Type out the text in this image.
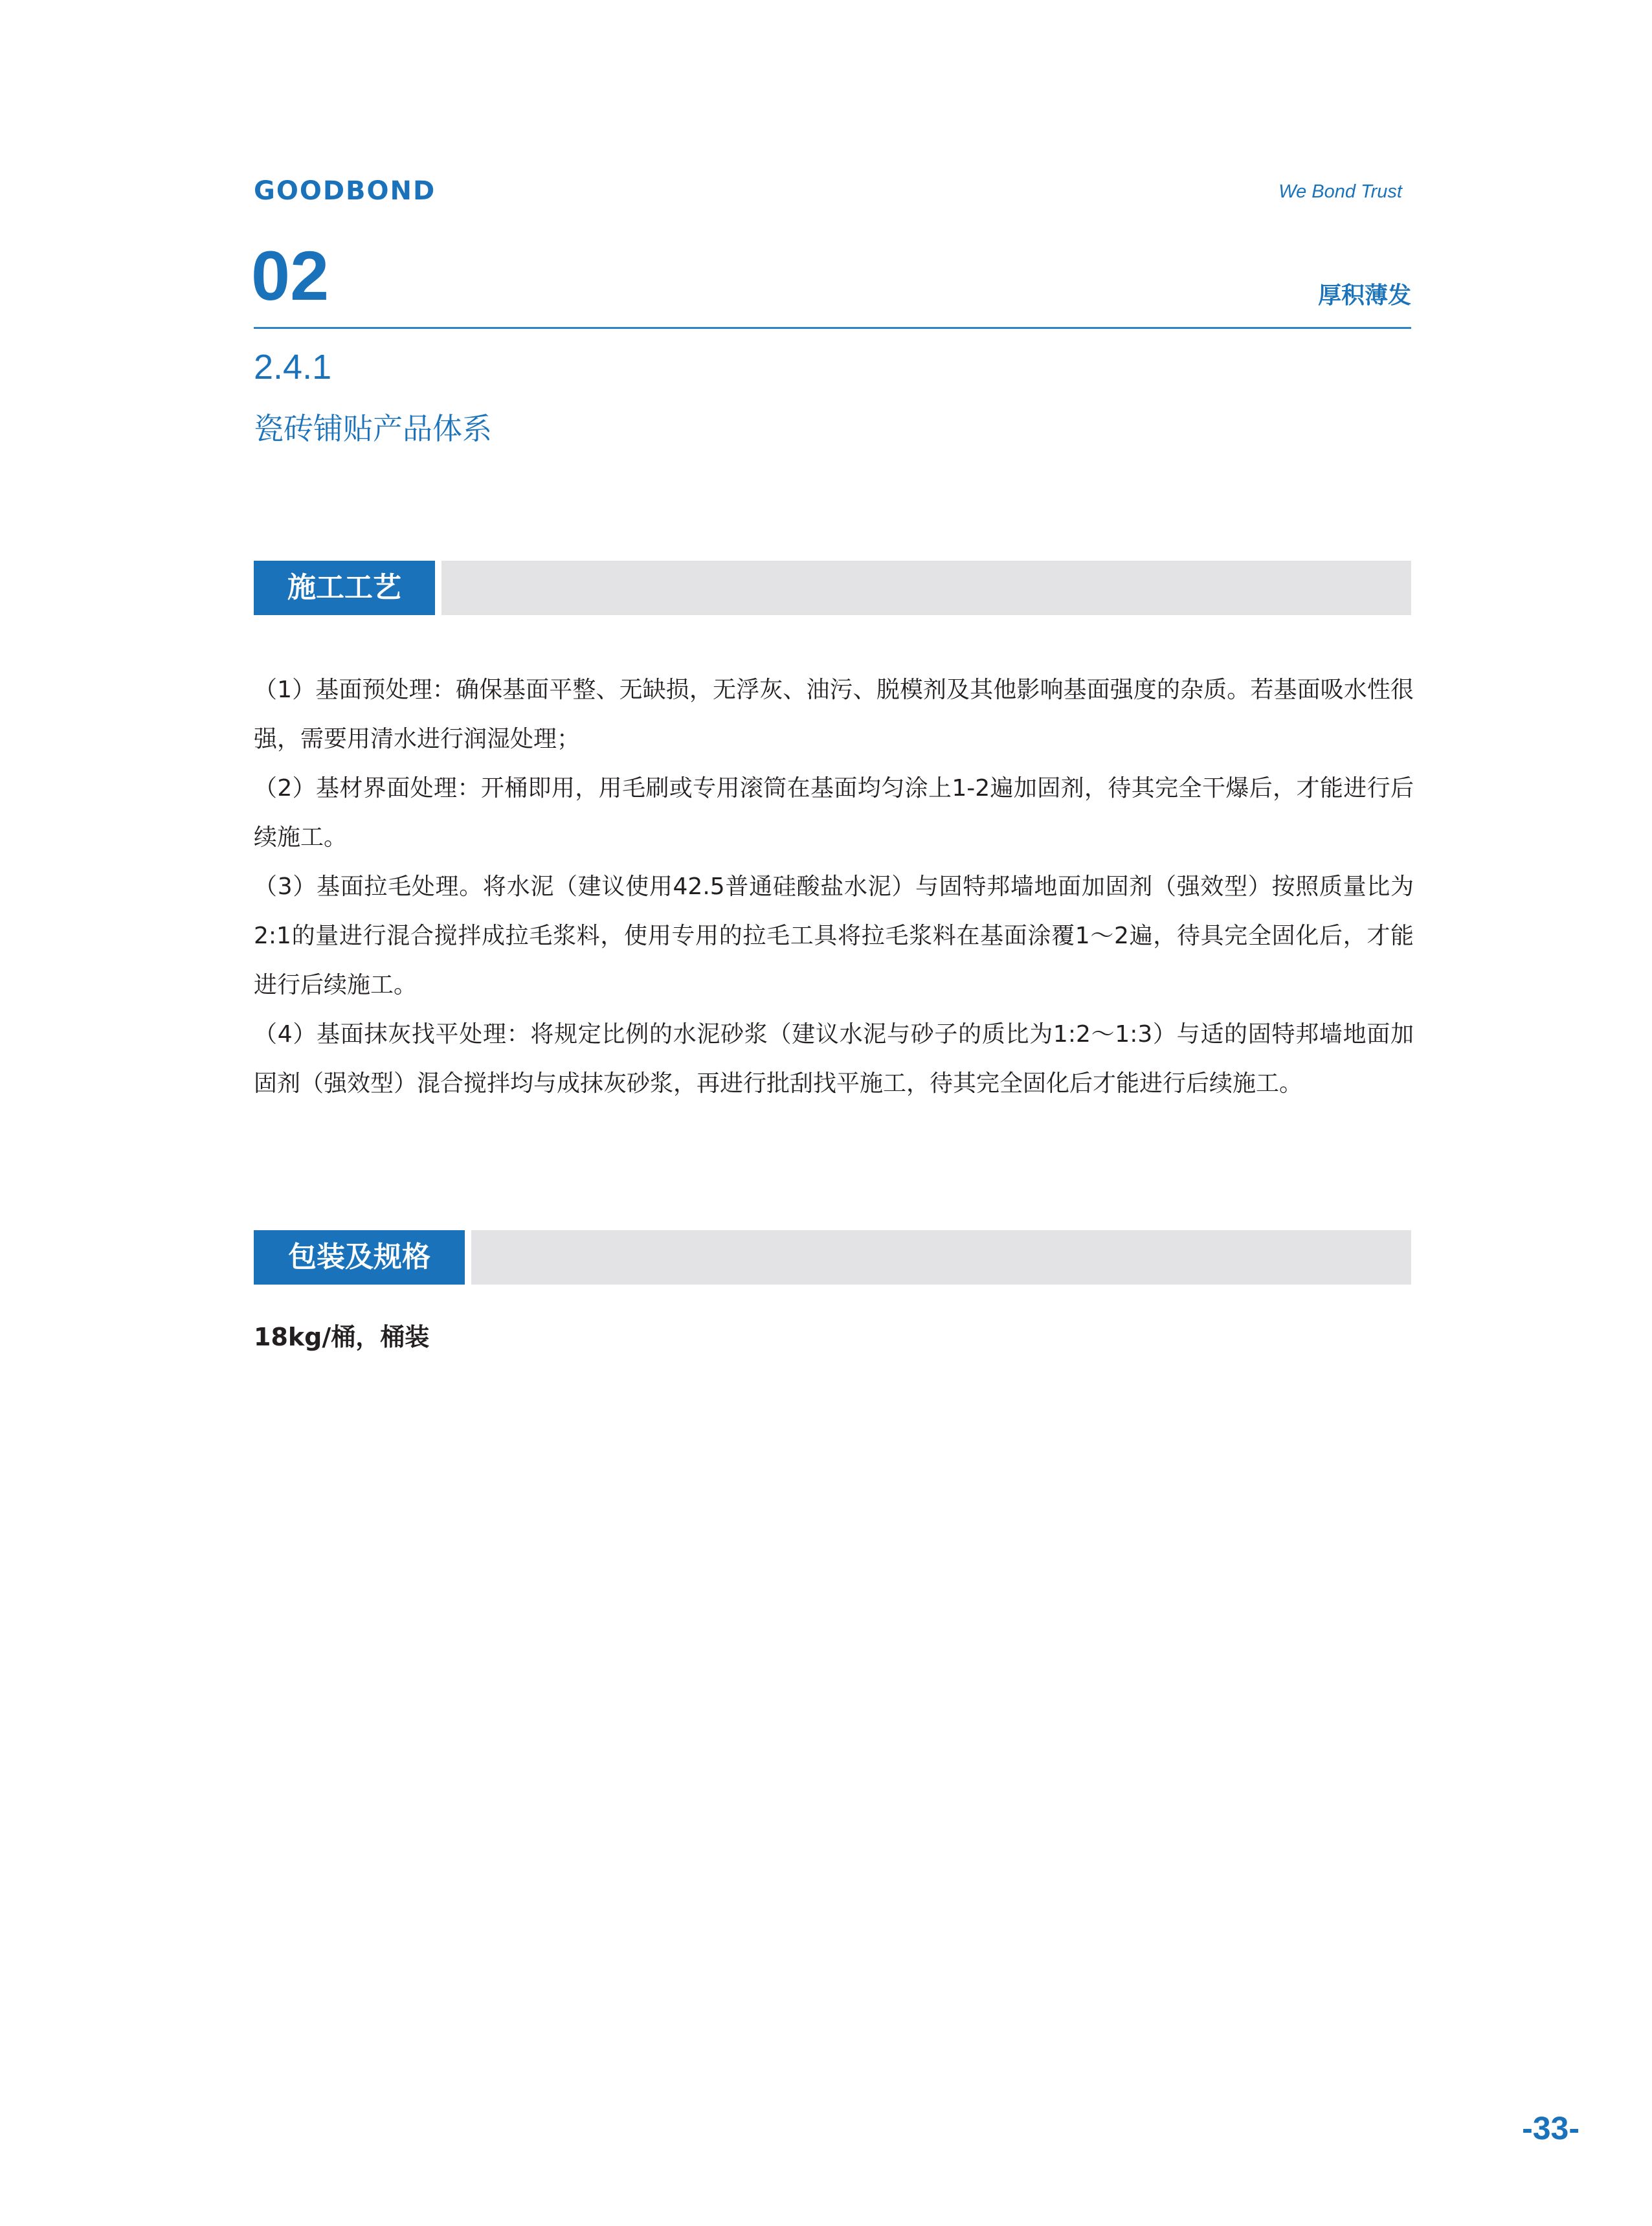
GOODBOND	We Bond Trust
02	厚积薄发
2.4.1
瓷砖铺贴产品体系
施工工艺

（1）基面预处理：确保基面平整、无缺损，无浮灰、油污、脱模剂及其他影响基面强度的杂质。若基面吸水性很强，需要用清水进行润湿处理；

（2）基材界面处理：开桶即用，用毛刷或专用滚筒在基面均匀涂上1-2遍加固剂，待其完全干爆后，才能进行后续施工。

（3）基面拉毛处理。将水泥（建议使用42.5普通硅酸盐水泥）与固特邦墙地面加固剂（强效型）按照质量比为2:1的量进行混合搅拌成拉毛浆料，使用专用的拉毛工具将拉毛浆料在基面涂覆1～2遍，待具完全固化后，才能进行后续施工。

（4）基面抹灰找平处理：将规定比例的水泥砂浆（建议水泥与砂子的质比为1:2～1:3）与适的固特邦墙地面加固剂（强效型）混合搅拌均与成抹灰砂浆，再进行批刮找平施工，待其完全固化后才能进行后续施工。

包装及规格
18kg/桶，桶装
-33-
